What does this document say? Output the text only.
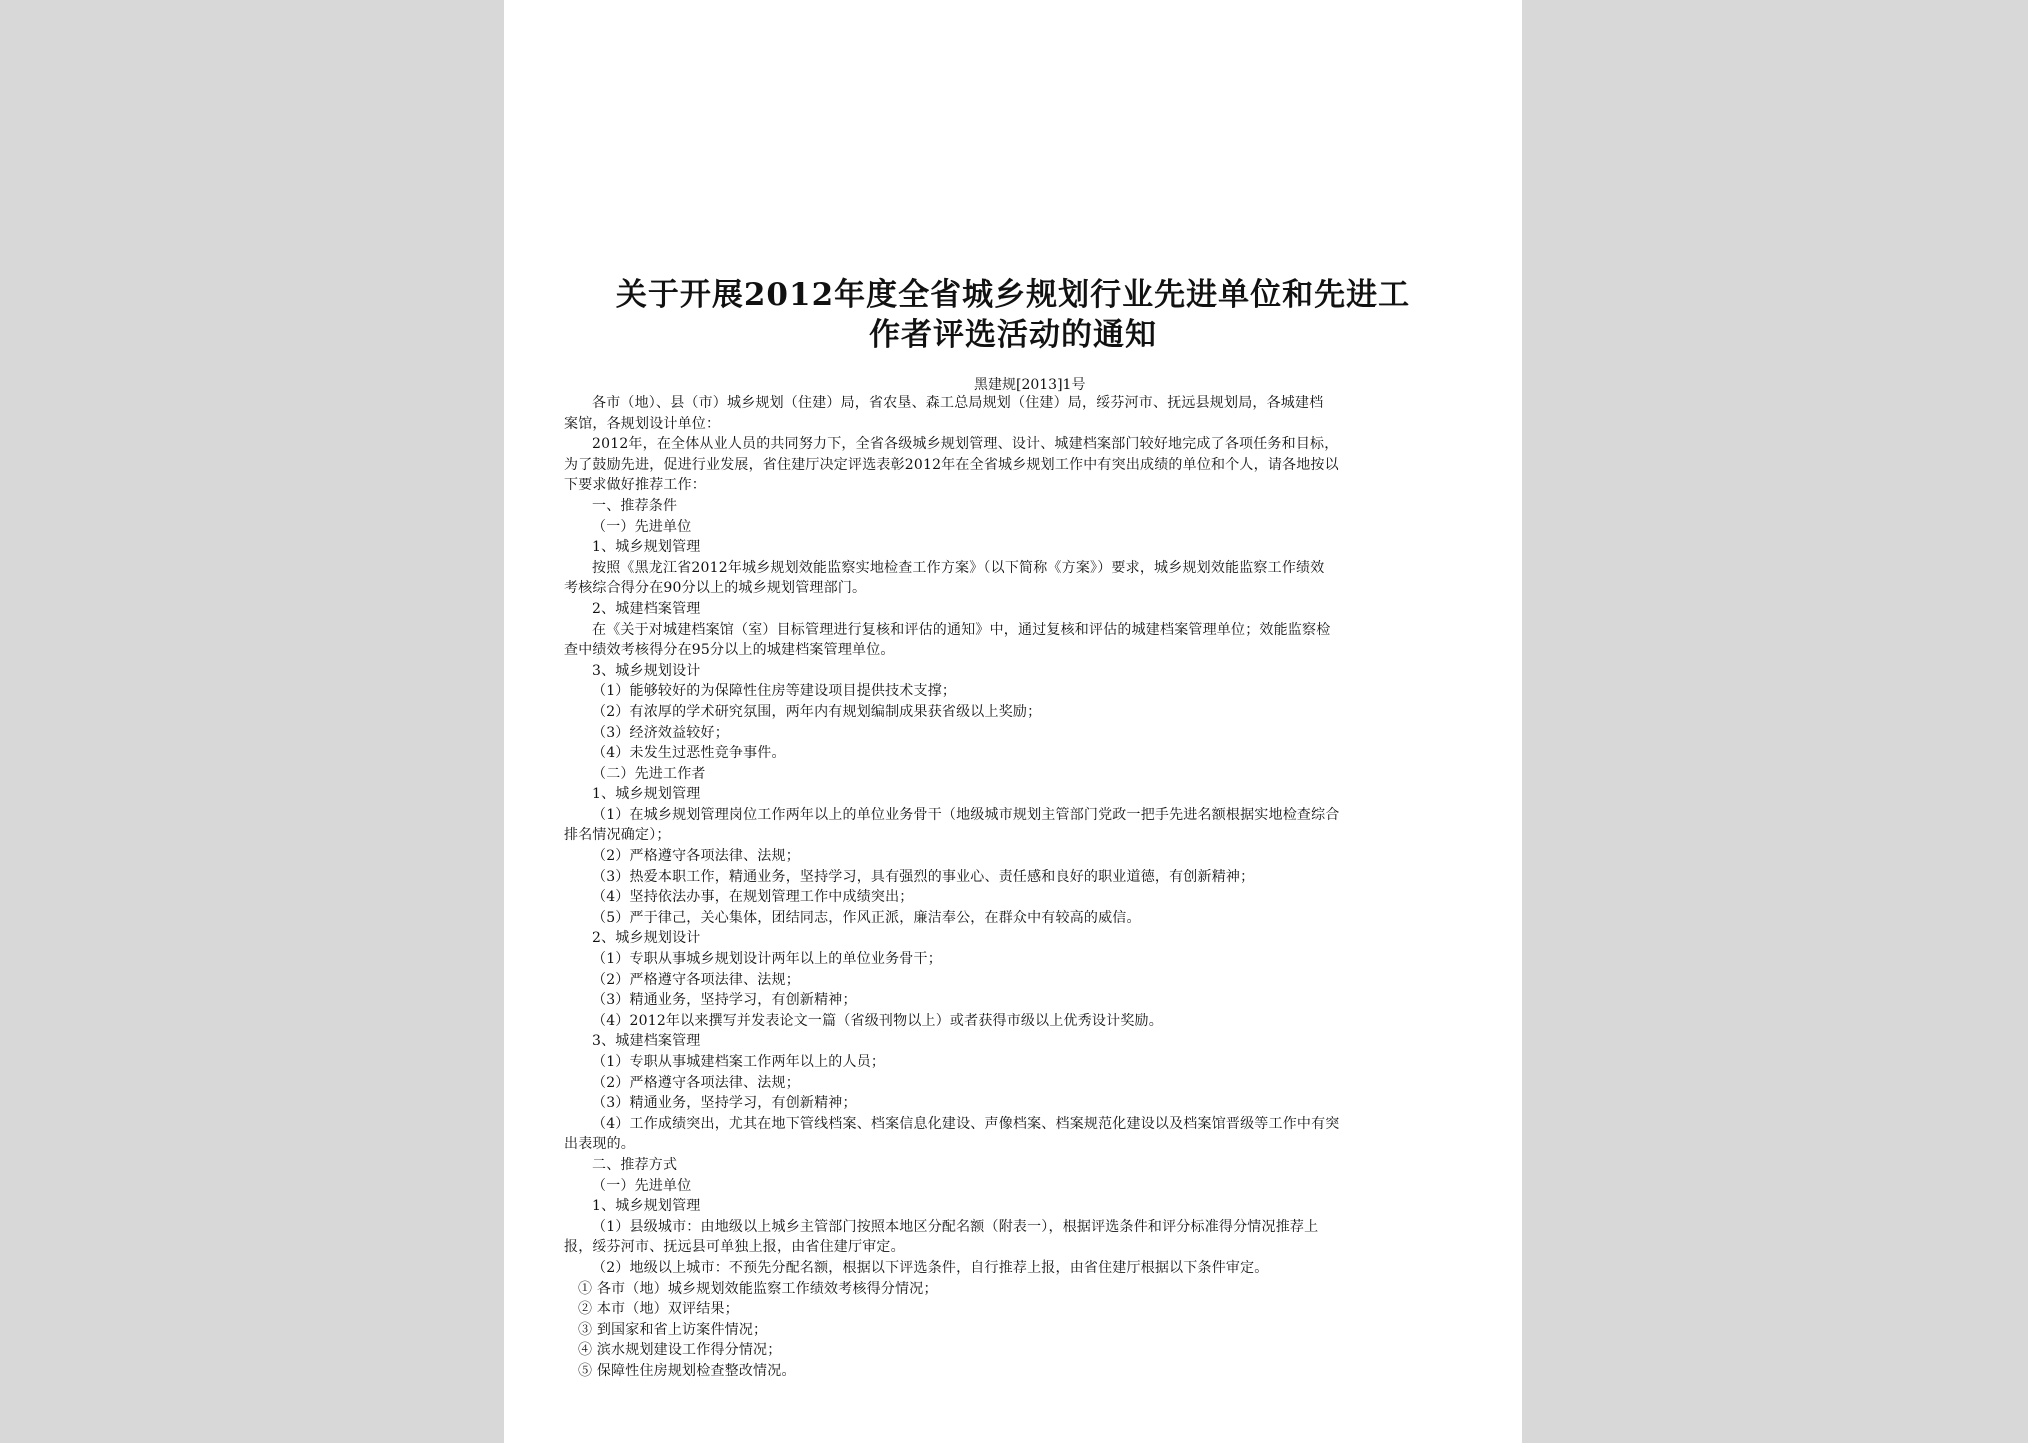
关于开展2012年度全省城乡规划行业先进单位和先进工
作者评选活动的通知
黑建规[2013]1号
各市（地）、县（市）城乡规划（住建）局，省农垦、森工总局规划（住建）局，绥芬河市、抚远县规划局，各城建档
案馆，各规划设计单位：
2012年，在全体从业人员的共同努力下，全省各级城乡规划管理、设计、城建档案部门较好地完成了各项任务和目标，
为了鼓励先进，促进行业发展，省住建厅决定评选表彰2012年在全省城乡规划工作中有突出成绩的单位和个人，请各地按以
下要求做好推荐工作：
一、推荐条件
（一）先进单位
1、城乡规划管理
按照《黑龙江省2012年城乡规划效能监察实地检查工作方案》（以下简称《方案》）要求，城乡规划效能监察工作绩效
考核综合得分在90分以上的城乡规划管理部门。
2、城建档案管理
在《关于对城建档案馆（室）目标管理进行复核和评估的通知》中，通过复核和评估的城建档案管理单位；效能监察检
查中绩效考核得分在95分以上的城建档案管理单位。
3、城乡规划设计
（1）能够较好的为保障性住房等建设项目提供技术支撑；
（2）有浓厚的学术研究氛围，两年内有规划编制成果获省级以上奖励；
（3）经济效益较好；
（4）未发生过恶性竞争事件。
（二）先进工作者
1、城乡规划管理
（1）在城乡规划管理岗位工作两年以上的单位业务骨干（地级城市规划主管部门党政一把手先进名额根据实地检查综合
排名情况确定）；
（2）严格遵守各项法律、法规；
（3）热爱本职工作，精通业务，坚持学习，具有强烈的事业心、责任感和良好的职业道德，有创新精神；
（4）坚持依法办事，在规划管理工作中成绩突出；
（5）严于律己，关心集体，团结同志，作风正派，廉洁奉公，在群众中有较高的威信。
2、城乡规划设计
（1）专职从事城乡规划设计两年以上的单位业务骨干；
（2）严格遵守各项法律、法规；
（3）精通业务，坚持学习，有创新精神；
（4）2012年以来撰写并发表论文一篇（省级刊物以上）或者获得市级以上优秀设计奖励。
3、城建档案管理
（1）专职从事城建档案工作两年以上的人员；
（2）严格遵守各项法律、法规；
（3）精通业务，坚持学习，有创新精神；
（4）工作成绩突出，尤其在地下管线档案、档案信息化建设、声像档案、档案规范化建设以及档案馆晋级等工作中有突
出表现的。
二、推荐方式
（一）先进单位
1、城乡规划管理
（1）县级城市：由地级以上城乡主管部门按照本地区分配名额（附表一），根据评选条件和评分标准得分情况推荐上
报，绥芬河市、抚远县可单独上报，由省住建厅审定。
（2）地级以上城市：不预先分配名额，根据以下评选条件，自行推荐上报，由省住建厅根据以下条件审定。
① 各市（地）城乡规划效能监察工作绩效考核得分情况；
② 本市（地）双评结果；
③ 到国家和省上访案件情况；
④ 滨水规划建设工作得分情况；
⑤ 保障性住房规划检查整改情况。
